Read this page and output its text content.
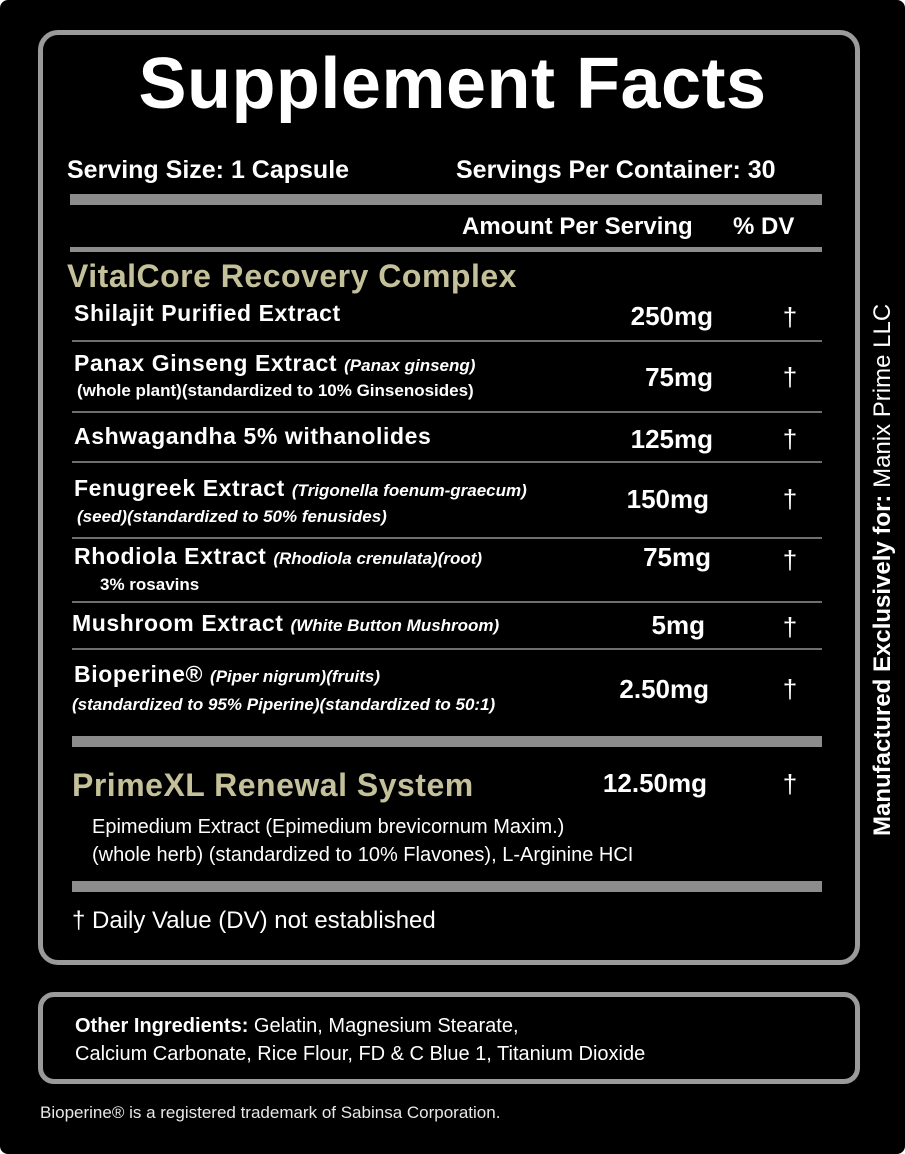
Supplement Facts
Serving Size: 1 Capsule	Servings Per Container: 30
Amount Per Serving % DV
VitalCore Recovery Complex
Shilajit Purified Extract	250mg	†
Panax Ginseng Extract (Panax ginseng)
(whole plant)(standardized to 10% Ginsenosides)	75mg	†
Ashwagandha 5% withanolides	125mg	†
Fenugreek Extract (Trigonella foenum-graecum)
(seed)(standardized to 50% fenusides)
150mg	†
Rhodiola Extract (Rhodiola crenulata)(root)
3% rosavins
75mg	†
Mushroom Extract (White Button Mushroom)	5mg	†
Bioperine® (Piper nigrum)(fruits)
(standardized to 95% Piperine)(standardized to 50:1)
2.50mg	†
PrimeXL Renewal System	12.50mg	†
Epimedium Extract (Epimedium brevicornum Maxim.)
(whole herb) (standardized to 10% Flavones), L-Arginine HCI
† Daily Value (DV) not established
Other Ingredients: Gelatin, Magnesium Stearate,
Calcium Carbonate, Rice Flour, FD & C Blue 1, Titanium Dioxide
Bioperine® is a registered trademark of Sabinsa Corporation.
Manufactured Exclusively for: Manix Prime LLC
